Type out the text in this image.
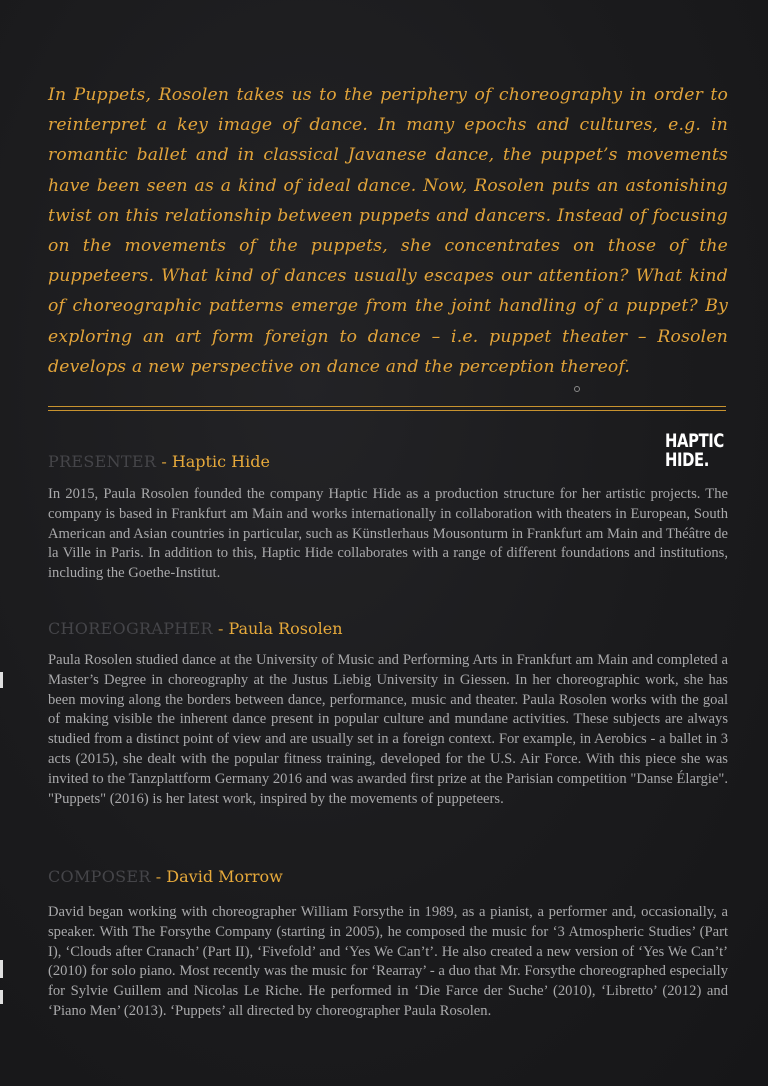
In Puppets, Rosolen takes us to the periphery of choreography in order to reinterpret a key image of dance. In many epochs and cultures, e.g. in romantic ballet and in classical Javanese dance, the puppet’s movements have been seen as a kind of ideal dance. Now, Rosolen puts an astonishing twist on this relationship between puppets and dancers. Instead of focusing on the movements of the puppets, she concentrates on those of the puppeteers. What kind of dances usually escapes our attention? What kind of choreographic patterns emerge from the joint handling of a puppet? By exploring an art form foreign to dance – i.e. puppet theater – Rosolen develops a new perspective on dance and the perception thereof.

HAPTIC
HIDE.
PRESENTER - Haptic Hide

In 2015, Paula Rosolen founded the company Haptic Hide as a production structure for her artistic projects. The company is based in Frankfurt am Main and works internationally in collaboration with theaters in European, South American and Asian countries in particular, such as Künstlerhaus Mousonturm in Frankfurt am Main and Théâtre de la Ville in Paris. In addition to this, Haptic Hide collaborates with a range of different foundations and institutions, including the Goethe-Institut.

CHOREOGRAPHER - Paula Rosolen

Paula Rosolen studied dance at the University of Music and Performing Arts in Frankfurt am Main and completed a Master’s Degree in choreography at the Justus Liebig University in Giessen. In her choreographic work, she has been moving along the borders between dance, performance, music and theater. Paula Rosolen works with the goal of making visible the inherent dance present in popular culture and mundane activities. These subjects are always studied from a distinct point of view and are usually set in a foreign context. For example, in Aerobics - a ballet in 3 acts (2015), she dealt with the popular fitness training, developed for the U.S. Air Force. With this piece she was invited to the Tanzplattform Germany 2016 and was awarded first prize at the Parisian competition "Danse Élargie". "Puppets" (2016) is her latest work, inspired by the movements of puppeteers.

COMPOSER - David Morrow

David began working with choreographer William Forsythe in 1989, as a pianist, a performer and, occasionally, a speaker. With The Forsythe Company (starting in 2005), he composed the music for ‘3 Atmospheric Studies’ (Part I), ‘Clouds after Cranach’ (Part II), ‘Fivefold’ and ‘Yes We Can’t’. He also created a new version of ‘Yes We Can’t’ (2010) for solo piano. Most recently was the music for ‘Rearray’ - a duo that Mr. Forsythe choreographed especially for Sylvie Guillem and Nicolas Le Riche. He performed in ‘Die Farce der Suche’ (2010), ‘Libretto’ (2012) and ‘Piano Men’ (2013). ‘Puppets’ all directed by choreographer Paula Rosolen.
